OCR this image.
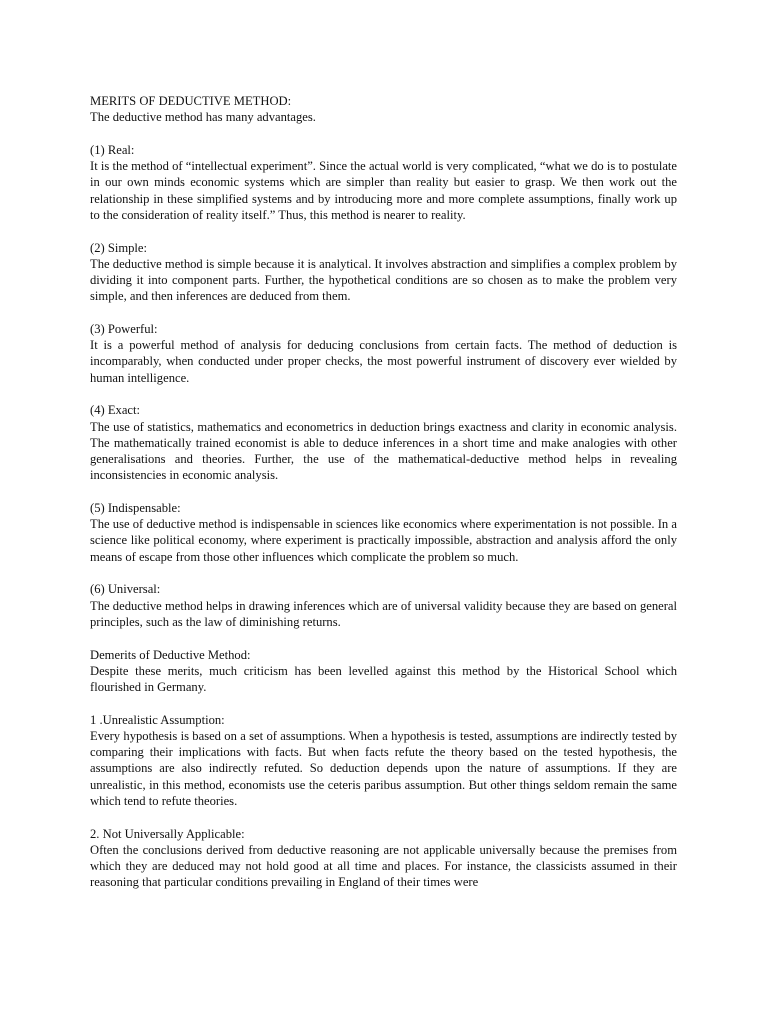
MERITS OF DEDUCTIVE METHOD:

The deductive method has many advantages.

(1) Real:

It is the method of “intellectual experiment”. Since the actual world is very complicated, “what we do is to postulate in our own minds economic systems which are simpler than reality but easier to grasp. We then work out the relationship in these simplified systems and by introducing more and more complete assumptions, finally work up to the consideration of reality itself.” Thus, this method is nearer to reality.

(2) Simple:

The deductive method is simple because it is analytical. It involves abstraction and simplifies a complex problem by dividing it into component parts. Further, the hypothetical conditions are so chosen as to make the problem very simple, and then inferences are deduced from them.

(3) Powerful:

It is a powerful method of analysis for deducing conclusions from certain facts. The method of deduction is incomparably, when conducted under proper checks, the most powerful instrument of discovery ever wielded by human intelligence.

(4) Exact:

The use of statistics, mathematics and econometrics in deduction brings exactness and clarity in economic analysis. The mathematically trained economist is able to deduce inferences in a short time and make analogies with other generalisations and theories. Further, the use of the mathematical-deductive method helps in revealing inconsistencies in economic analysis.

(5) Indispensable:

The use of deductive method is indispensable in sciences like economics where experimentation is not possible. In a science like political economy, where experiment is practically impossible, abstraction and analysis afford the only means of escape from those other influences which complicate the problem so much.

(6) Universal:

The deductive method helps in drawing inferences which are of universal validity because they are based on general principles, such as the law of diminishing returns.

Demerits of Deductive Method:

Despite these merits, much criticism has been levelled against this method by the Historical School which flourished in Germany.

1 .Unrealistic Assumption:

Every hypothesis is based on a set of assumptions. When a hypothesis is tested, assumptions are indirectly tested by comparing their implications with facts. But when facts refute the theory based on the tested hypothesis, the assumptions are also indirectly refuted. So deduction depends upon the nature of assumptions. If they are unrealistic, in this method, economists use the ceteris paribus assumption. But other things seldom remain the same which tend to refute theories.

2. Not Universally Applicable:

Often the conclusions derived from deductive reasoning are not applicable universally because the premises from which they are deduced may not hold good at all time and places. For instance, the classicists assumed in their reasoning that particular conditions prevailing in England of their times were
